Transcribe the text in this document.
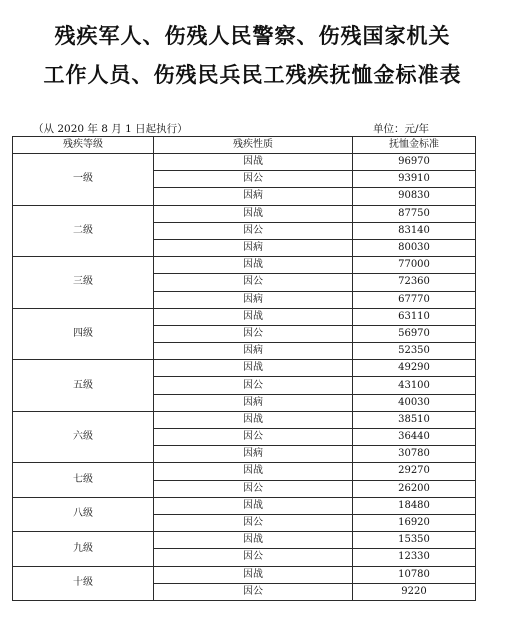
残疾军人、伤残人民警察、伤残国家机关
工作人员、伤残民兵民工残疾抚恤金标准表
（从 2020 年 8 月 1 日起执行）	单位：元/年
残疾等级	残疾性质	抚恤金标准
一级	因战	96970
	因公	93910
	因病	90830
二级	因战	87750
	因公	83140
	因病	80030
三级	因战	77000
	因公	72360
	因病	67770
四级	因战	63110
	因公	56970
	因病	52350
五级	因战	49290
	因公	43100
	因病	40030
六级	因战	38510
	因公	36440
	因病	30780
七级	因战	29270
	因公	26200
八级	因战	18480
	因公	16920
九级	因战	15350
	因公	12330
十级	因战	10780
	因公	9220
